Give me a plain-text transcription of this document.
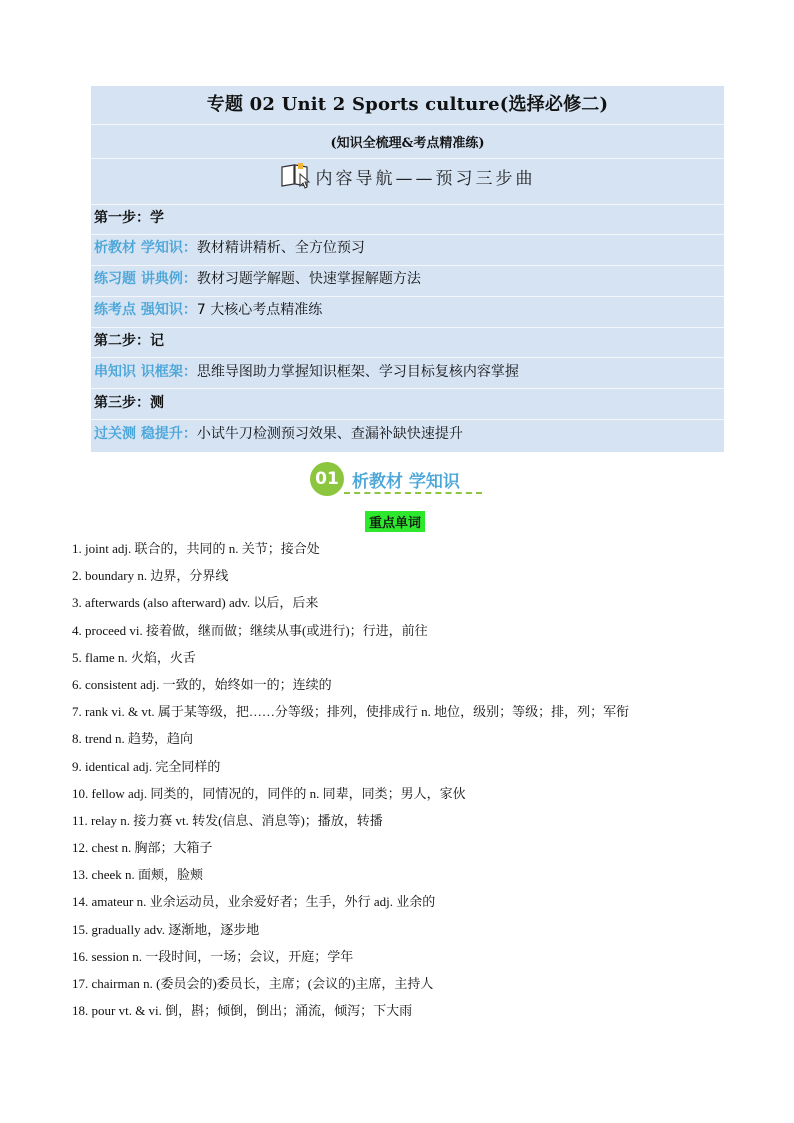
专题 02 Unit 2 Sports culture(选择必修二)
(知识全梳理&考点精准练)
内容导航——预习三步曲
第一步：学
析教材 学知识：教材精讲精析、全方位预习
练习题 讲典例：教材习题学解题、快速掌握解题方法
练考点 强知识：7 大核心考点精准练
第二步：记
串知识 识框架：思维导图助力掌握知识框架、学习目标复核内容掌握
第三步：测
过关测 稳提升：小试牛刀检测预习效果、查漏补缺快速提升
01 析教材 学知识
重点单词
1. joint adj. 联合的，共同的 n. 关节；接合处
2. boundary n. 边界，分界线
3. afterwards (also afterward) adv. 以后，后来
4. proceed vi. 接着做，继而做；继续从事(或进行)；行进，前往
5. flame n. 火焰，火舌
6. consistent adj. 一致的，始终如一的；连续的
7. rank vi. & vt. 属于某等级，把……分等级；排列，使排成行 n. 地位，级别；等级；排，列；军衔
8. trend n. 趋势，趋向
9. identical adj. 完全同样的
10. fellow adj. 同类的，同情况的，同伴的 n. 同辈，同类；男人，家伙
11. relay n. 接力赛 vt. 转发(信息、消息等)；播放，转播
12. chest n. 胸部；大箱子
13. cheek n. 面颊，脸颊
14. amateur n. 业余运动员，业余爱好者；生手，外行 adj. 业余的
15. gradually adv. 逐渐地，逐步地
16. session n. 一段时间，一场；会议，开庭；学年
17. chairman n. (委员会的)委员长，主席；(会议的)主席，主持人
18. pour vt. & vi. 倒，斟；倾倒，倒出；涌流，倾泻；下大雨
